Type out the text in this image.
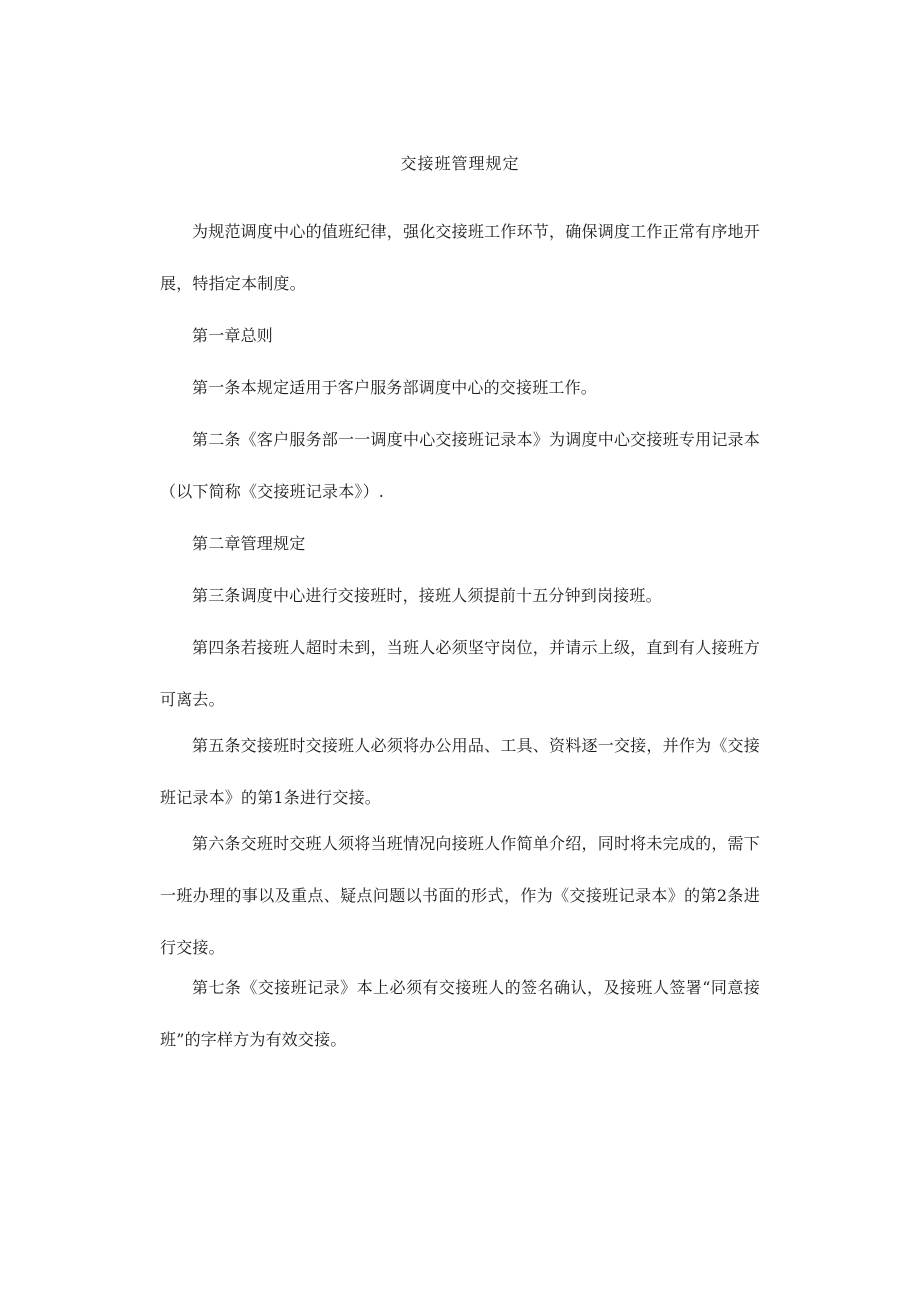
交接班管理规定
为规范调度中心的值班纪律，强化交接班工作环节，确保调度工作正常有序地开展，特指定本制度。
第一章总则
第一条本规定适用于客户服务部调度中心的交接班工作。
第二条《客户服务部一一调度中心交接班记录本》为调度中心交接班专用记录本（以下简称《交接班记录本》）.
第二章管理规定
第三条调度中心进行交接班时，接班人须提前十五分钟到岗接班。
第四条若接班人超时未到，当班人必须坚守岗位，并请示上级，直到有人接班方可离去。
第五条交接班时交接班人必须将办公用品、工具、资料逐一交接，并作为《交接班记录本》的第1条进行交接。
第六条交班时交班人须将当班情况向接班人作简单介绍，同时将未完成的，需下一班办理的事以及重点、疑点问题以书面的形式，作为《交接班记录本》的第2条进行交接。
第七条《交接班记录》本上必须有交接班人的签名确认，及接班人签署“同意接班”的字样方为有效交接。
